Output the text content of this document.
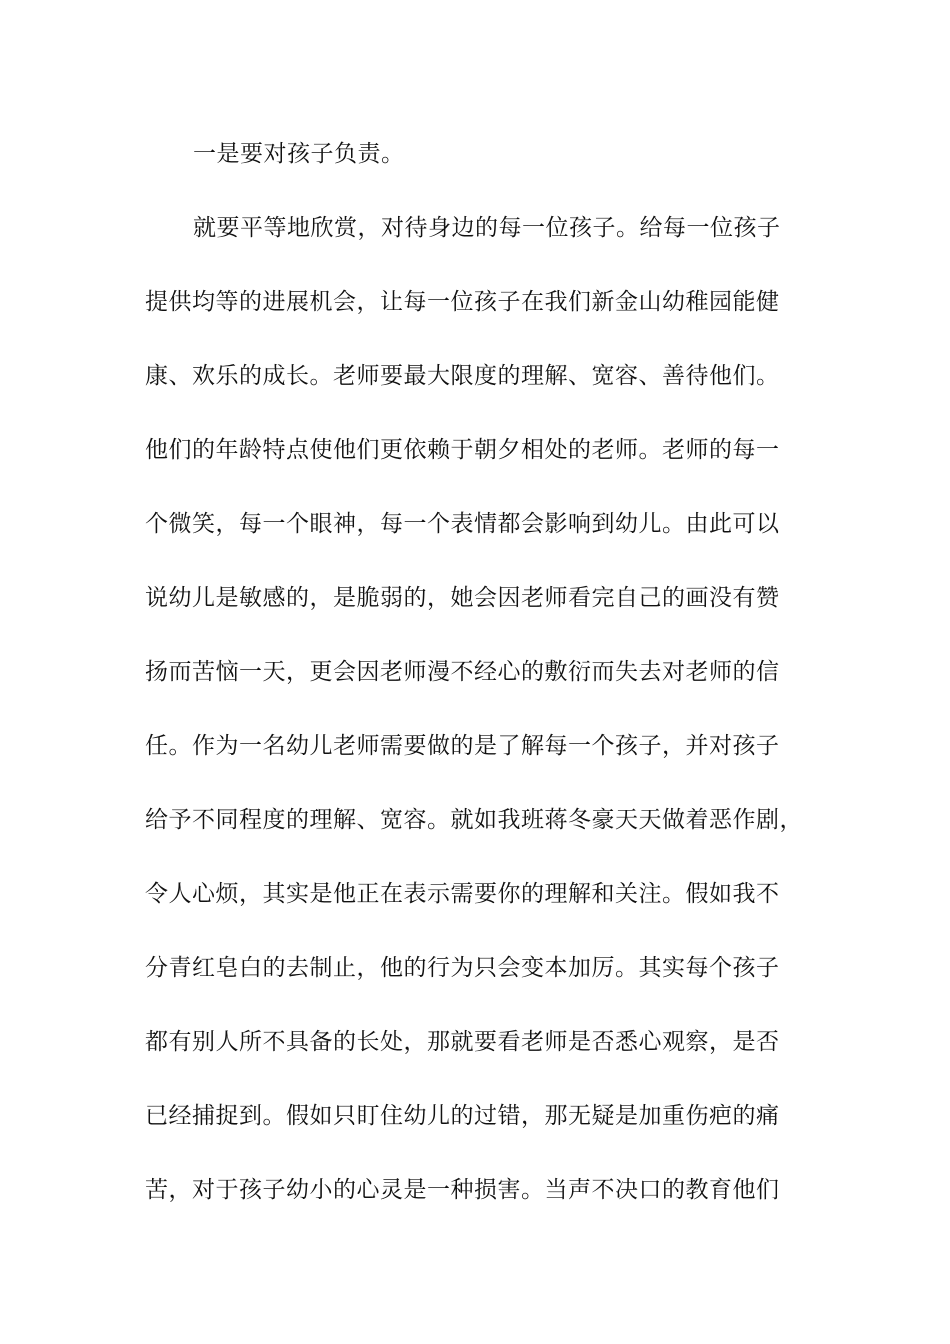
一是要对孩子负责。
就要平等地欣赏，对待身边的每一位孩子。给每一位孩子
提供均等的进展机会，让每一位孩子在我们新金山幼稚园能健
康、欢乐的成长。老师要最大限度的理解、宽容、善待他们。
他们的年龄特点使他们更依赖于朝夕相处的老师。老师的每一
个微笑，每一个眼神，每一个表情都会影响到幼儿。由此可以
说幼儿是敏感的，是脆弱的，她会因老师看完自己的画没有赞
扬而苦恼一天，更会因老师漫不经心的敷衍而失去对老师的信
任。作为一名幼儿老师需要做的是了解每一个孩子，并对孩子
给予不同程度的理解、宽容。就如我班蒋冬豪天天做着恶作剧，
令人心烦，其实是他正在表示需要你的理解和关注。假如我不
分青红皂白的去制止，他的行为只会变本加厉。其实每个孩子
都有别人所不具备的长处，那就要看老师是否悉心观察，是否
已经捕捉到。假如只盯住幼儿的过错，那无疑是加重伤疤的痛
苦，对于孩子幼小的心灵是一种损害。当声不决口的教育他们
